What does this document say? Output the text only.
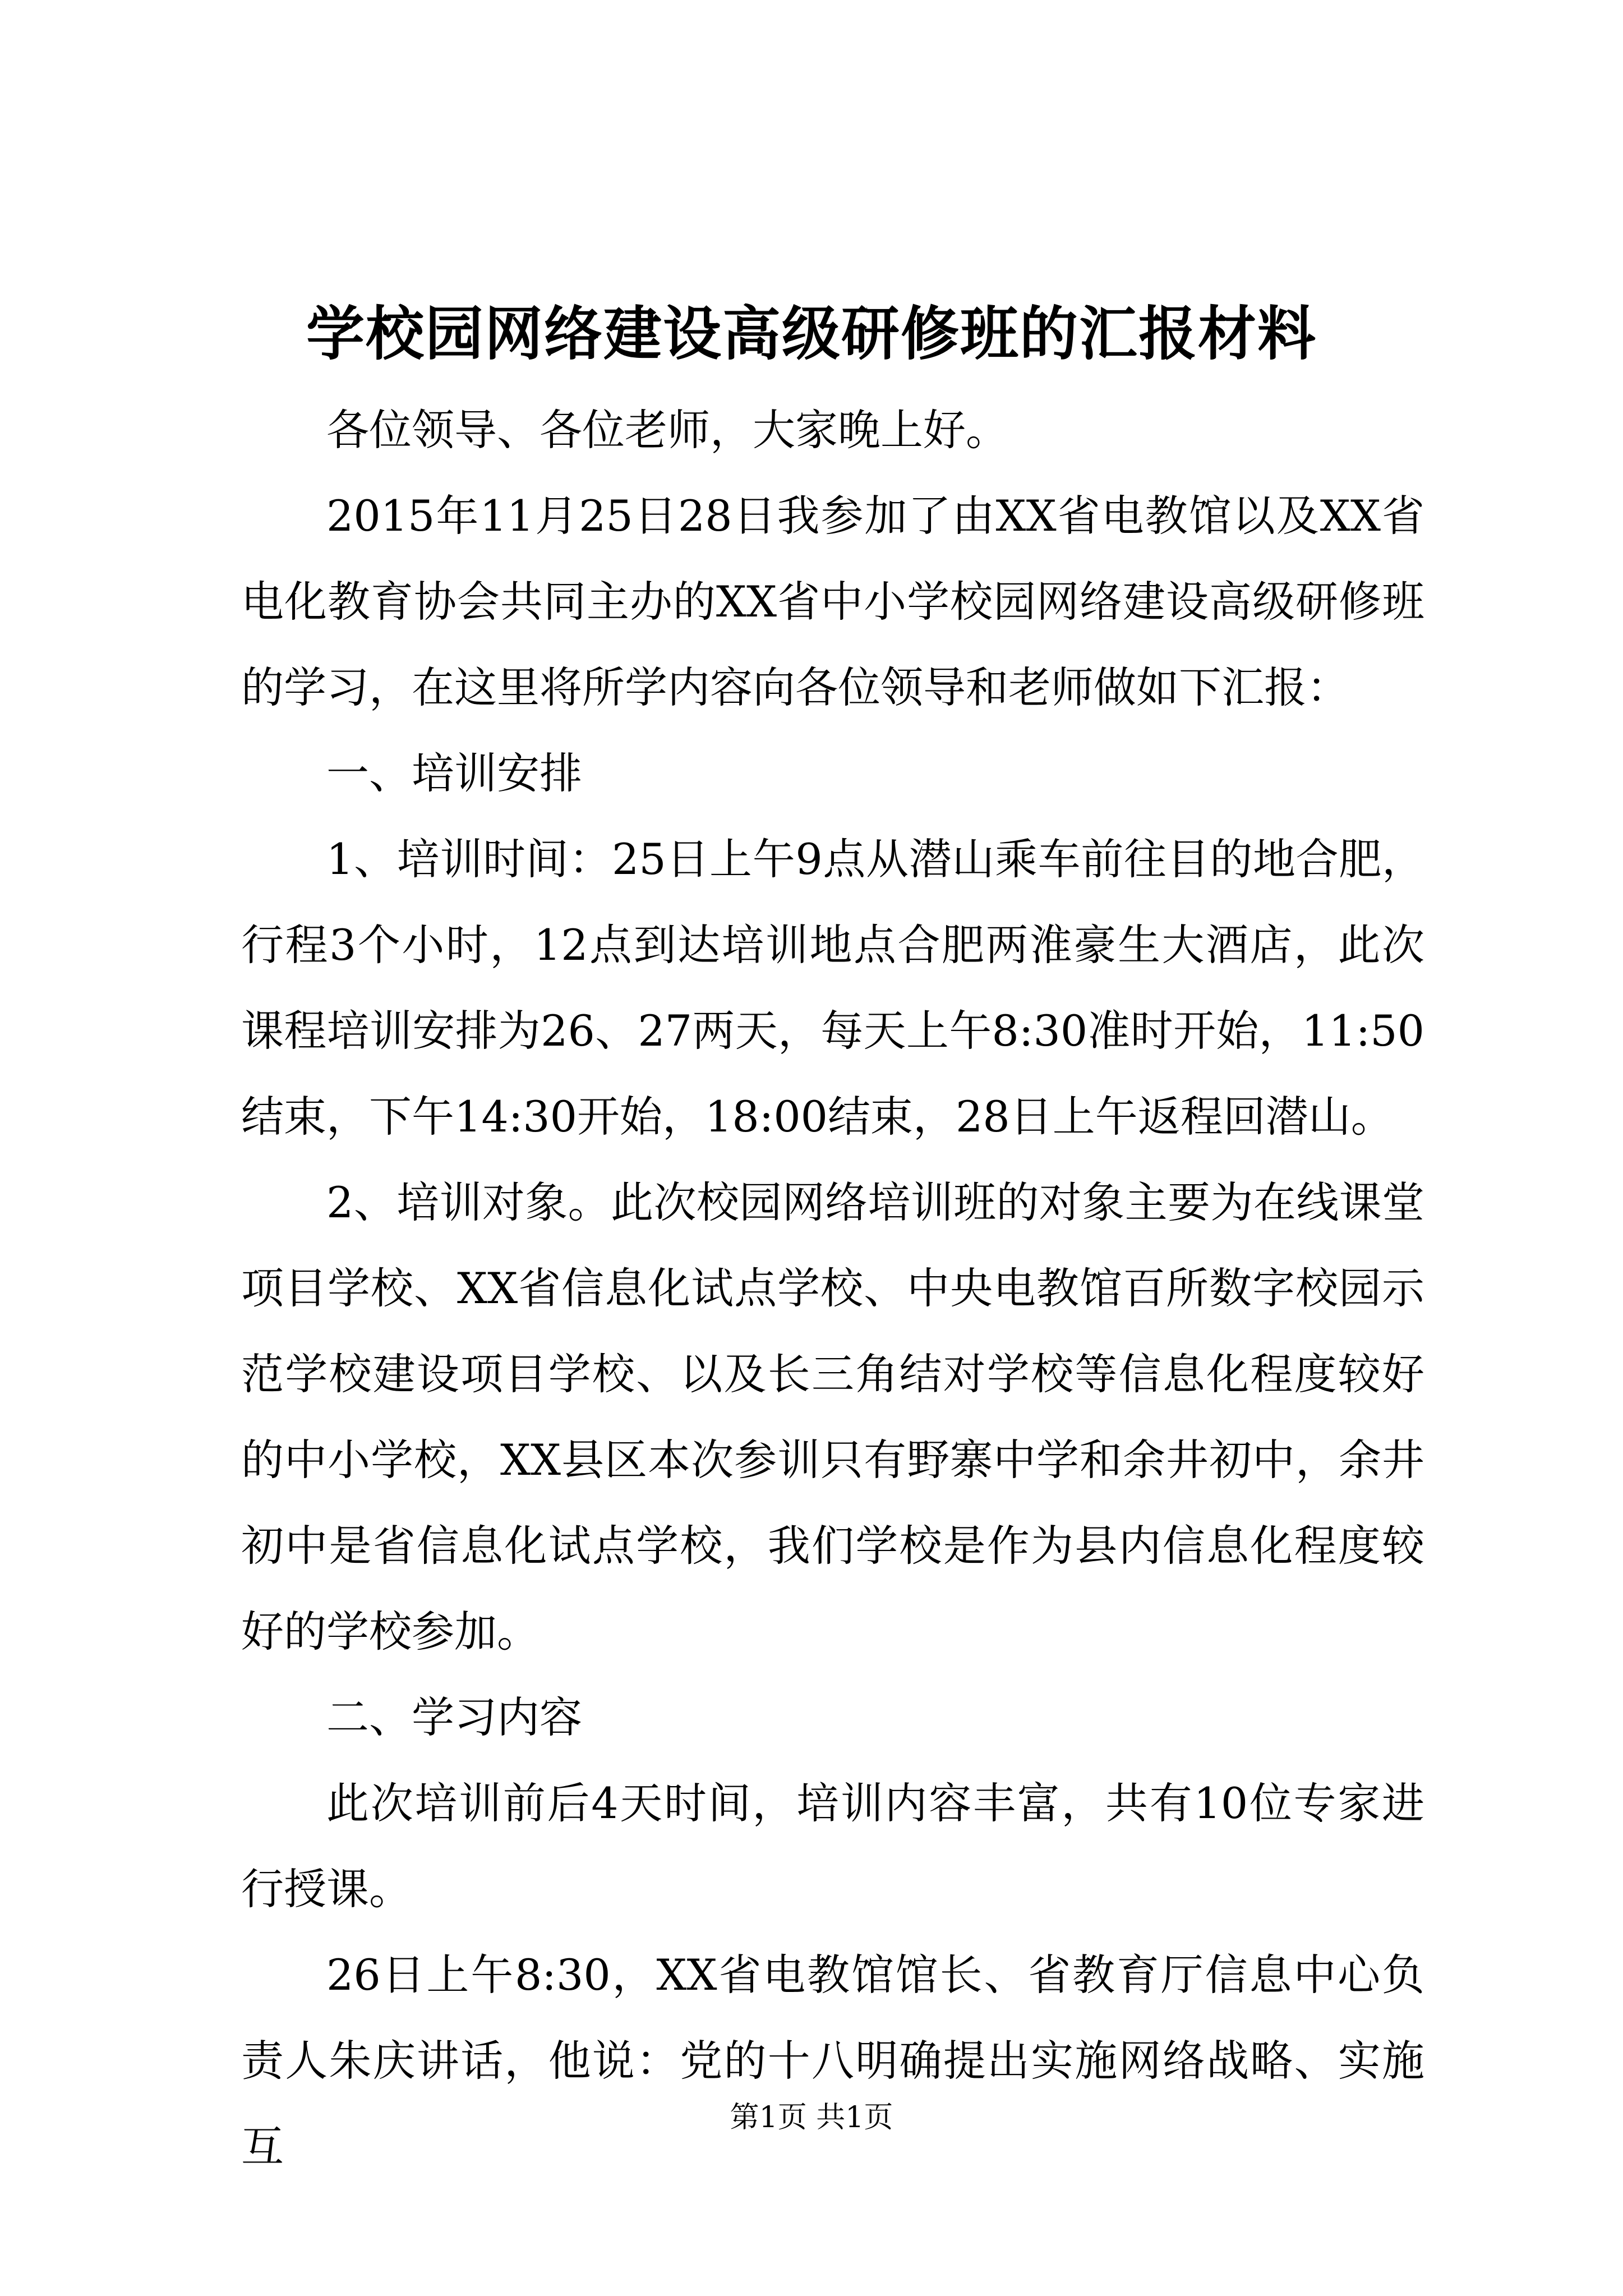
学校园网络建设高级研修班的汇报材料

各位领导、各位老师，大家晚上好。

2015年11月25日28日我参加了由XX省电教馆以及XX省电化教育协会共同主办的XX省中小学校园网络建设高级研修班的学习，在这里将所学内容向各位领导和老师做如下汇报：

一、培训安排

1、培训时间：25日上午9点从潜山乘车前往目的地合肥，行程3个小时，12点到达培训地点合肥两淮豪生大酒店，此次课程培训安排为26、27两天，每天上午8:30准时开始，11:50结束，下午14:30开始，18:00结束，28日上午返程回潜山。

2、培训对象。此次校园网络培训班的对象主要为在线课堂项目学校、XX省信息化试点学校、中央电教馆百所数字校园示范学校建设项目学校、以及长三角结对学校等信息化程度较好的中小学校，XX县区本次参训只有野寨中学和余井初中，余井初中是省信息化试点学校，我们学校是作为县内信息化程度较好的学校参加。

二、学习内容

此次培训前后4天时间，培训内容丰富，共有10位专家进行授课。

26日上午8:30，XX省电教馆馆长、省教育厅信息中心负责人朱庆讲话，他说：党的十八明确提出实施网络战略、实施互

第1页 共1页
